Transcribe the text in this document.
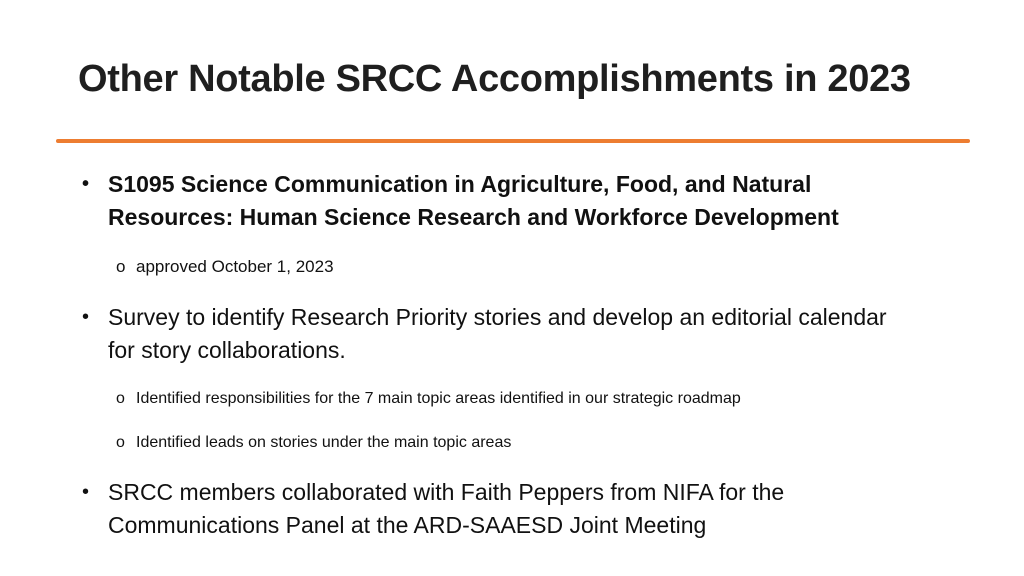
Other Notable SRCC Accomplishments in 2023
• S1095 Science Communication in Agriculture, Food, and Natural Resources: Human Science Research and Workforce Development
o approved October 1, 2023
• Survey to identify Research Priority stories and develop an editorial calendar for story collaborations.
o Identified responsibilities for the 7 main topic areas identified in our strategic roadmap
o Identified leads on stories under the main topic areas
• SRCC members collaborated with Faith Peppers from NIFA for the Communications Panel at the ARD-SAAESD Joint Meeting
